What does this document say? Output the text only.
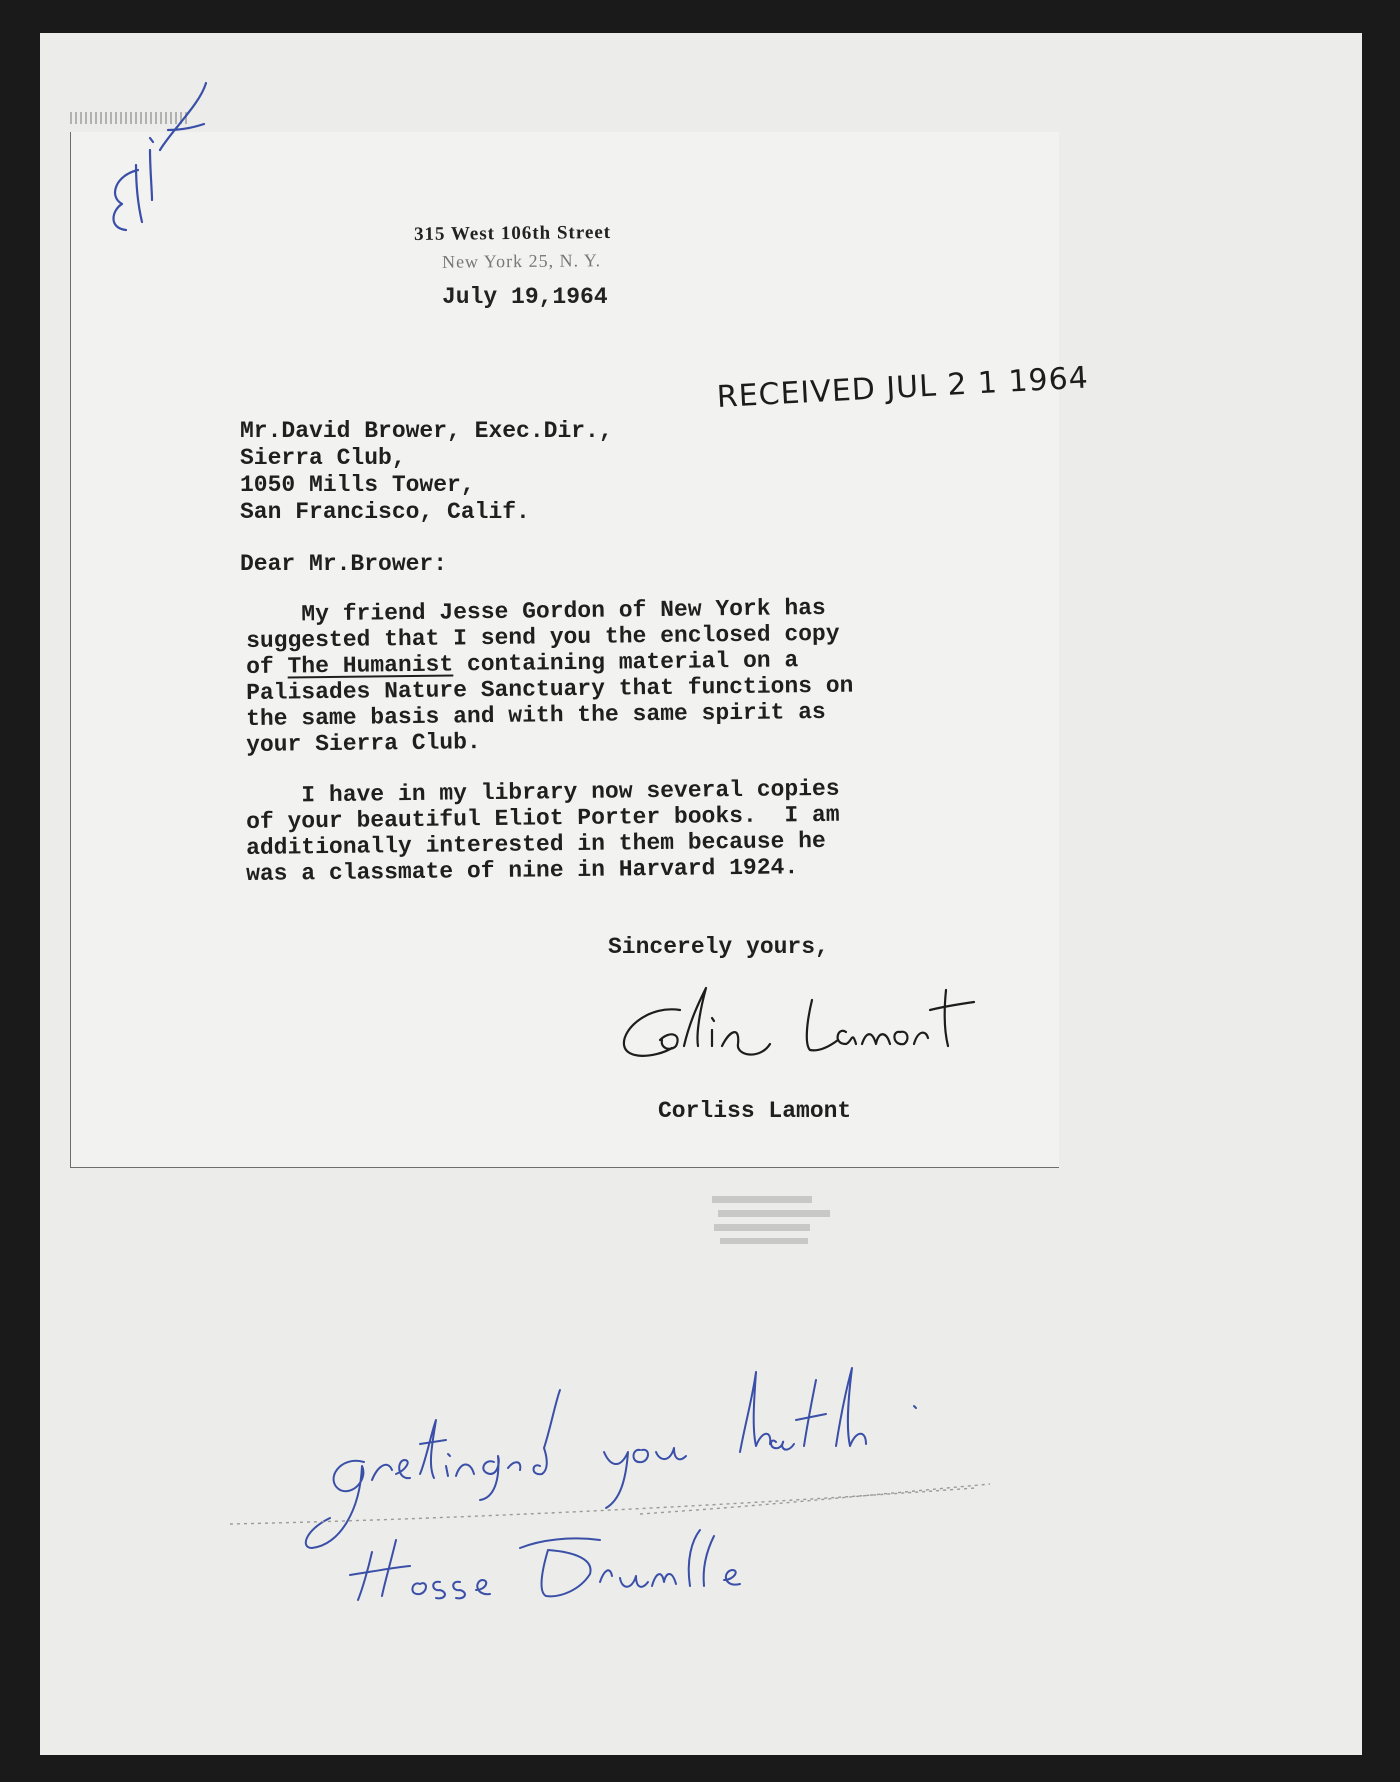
315 West 106th Street
New York 25, N. Y.
July 19,1964
RECEIVED JUL 2 1 1964
Mr.David Brower, Exec.Dir.,
Sierra Club,
1050 Mills Tower,
San Francisco, Calif.
Dear Mr.Brower:
My friend Jesse Gordon of New York has
suggested that I send you the enclosed copy
of The Humanist containing material on a
Palisades Nature Sanctuary that functions on
the same basis and with the same spirit as
your Sierra Club.
I have in my library now several copies
of your beautiful Eliot Porter books.  I am
additionally interested in them because he
was a classmate of nine in Harvard 1924.
Sincerely yours,
Corliss Lamont
